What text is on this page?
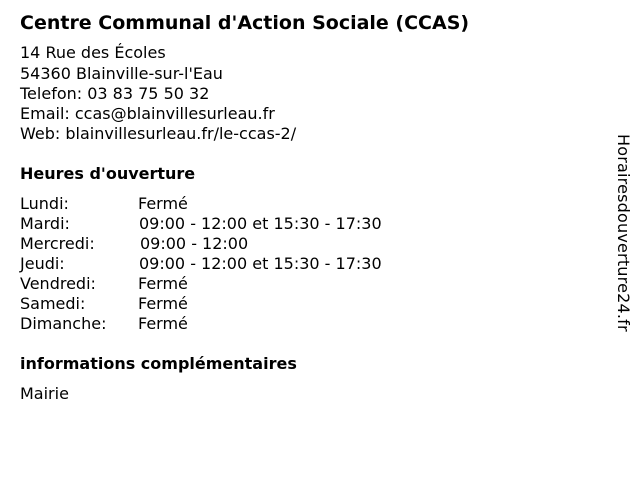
Centre Communal d'Action Sociale (CCAS)
14 Rue des Écoles
54360 Blainville-sur-l'Eau
Telefon: 03 83 75 50 32
Email: ccas@blainvillesurleau.fr
Web: blainvillesurleau.fr/le-ccas-2/
Heures d'ouverture
Lundi:	Fermé
Mardi:	09:00 - 12:00 et 15:30 - 17:30
Mercredi:	09:00 - 12:00
Jeudi:	09:00 - 12:00 et 15:30 - 17:30
Vendredi:	Fermé
Samedi:	Fermé
Dimanche: Fermé
informations complémentaires
Mairie
Horairesdouverture24.fr
